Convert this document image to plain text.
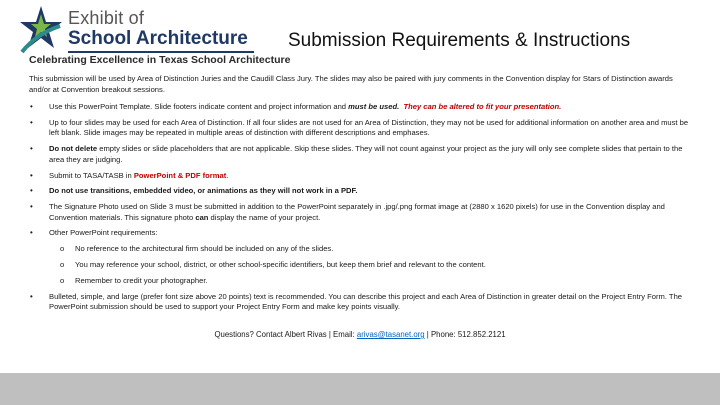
Exhibit of
School Architecture
Celebrating Excellence in Texas School Architecture
Submission Requirements & Instructions
This submission will be used by Area of Distinction Juries and the Caudill Class Jury. The slides may also be paired with jury comments in the Convention display for Stars of Distinction awards and/or at Convention breakout sessions.
• Use this PowerPoint Template. Slide footers indicate content and project information and must be used. They can be altered to fit your presentation.
• Up to four slides may be used for each Area of Distinction. If all four slides are not used for an Area of Distinction, they may not be used for additional information on another area and must be left blank. Slide images may be repeated in multiple areas of distinction with different descriptions and emphases.
• Do not delete empty slides or slide placeholders that are not applicable. Skip these slides. They will not count against your project as the jury will only see complete slides that pertain to the area they are judging.
• Submit to TASA/TASB in PowerPoint & PDF format.
• Do not use transitions, embedded video, or animations as they will not work in a PDF.
• The Signature Photo used on Slide 3 must be submitted in addition to the PowerPoint separately in .jpg/.png format image at (2880 x 1620 pixels) for use in the Convention display and Convention materials. This signature photo can display the name of your project.
• Other PowerPoint requirements:
o No reference to the architectural firm should be included on any of the slides.
o You may reference your school, district, or other school-specific identifiers, but keep them brief and relevant to the content.
o Remember to credit your photographer.
• Bulleted, simple, and large (prefer font size above 20 points) text is recommended. You can describe this project and each Area of Distinction in greater detail on the Project Entry Form. The PowerPoint submission should be used to support your Project Entry Form and make key points visually.
Questions? Contact Albert Rivas | Email: arivas@tasanet.org | Phone: 512.852.2121
